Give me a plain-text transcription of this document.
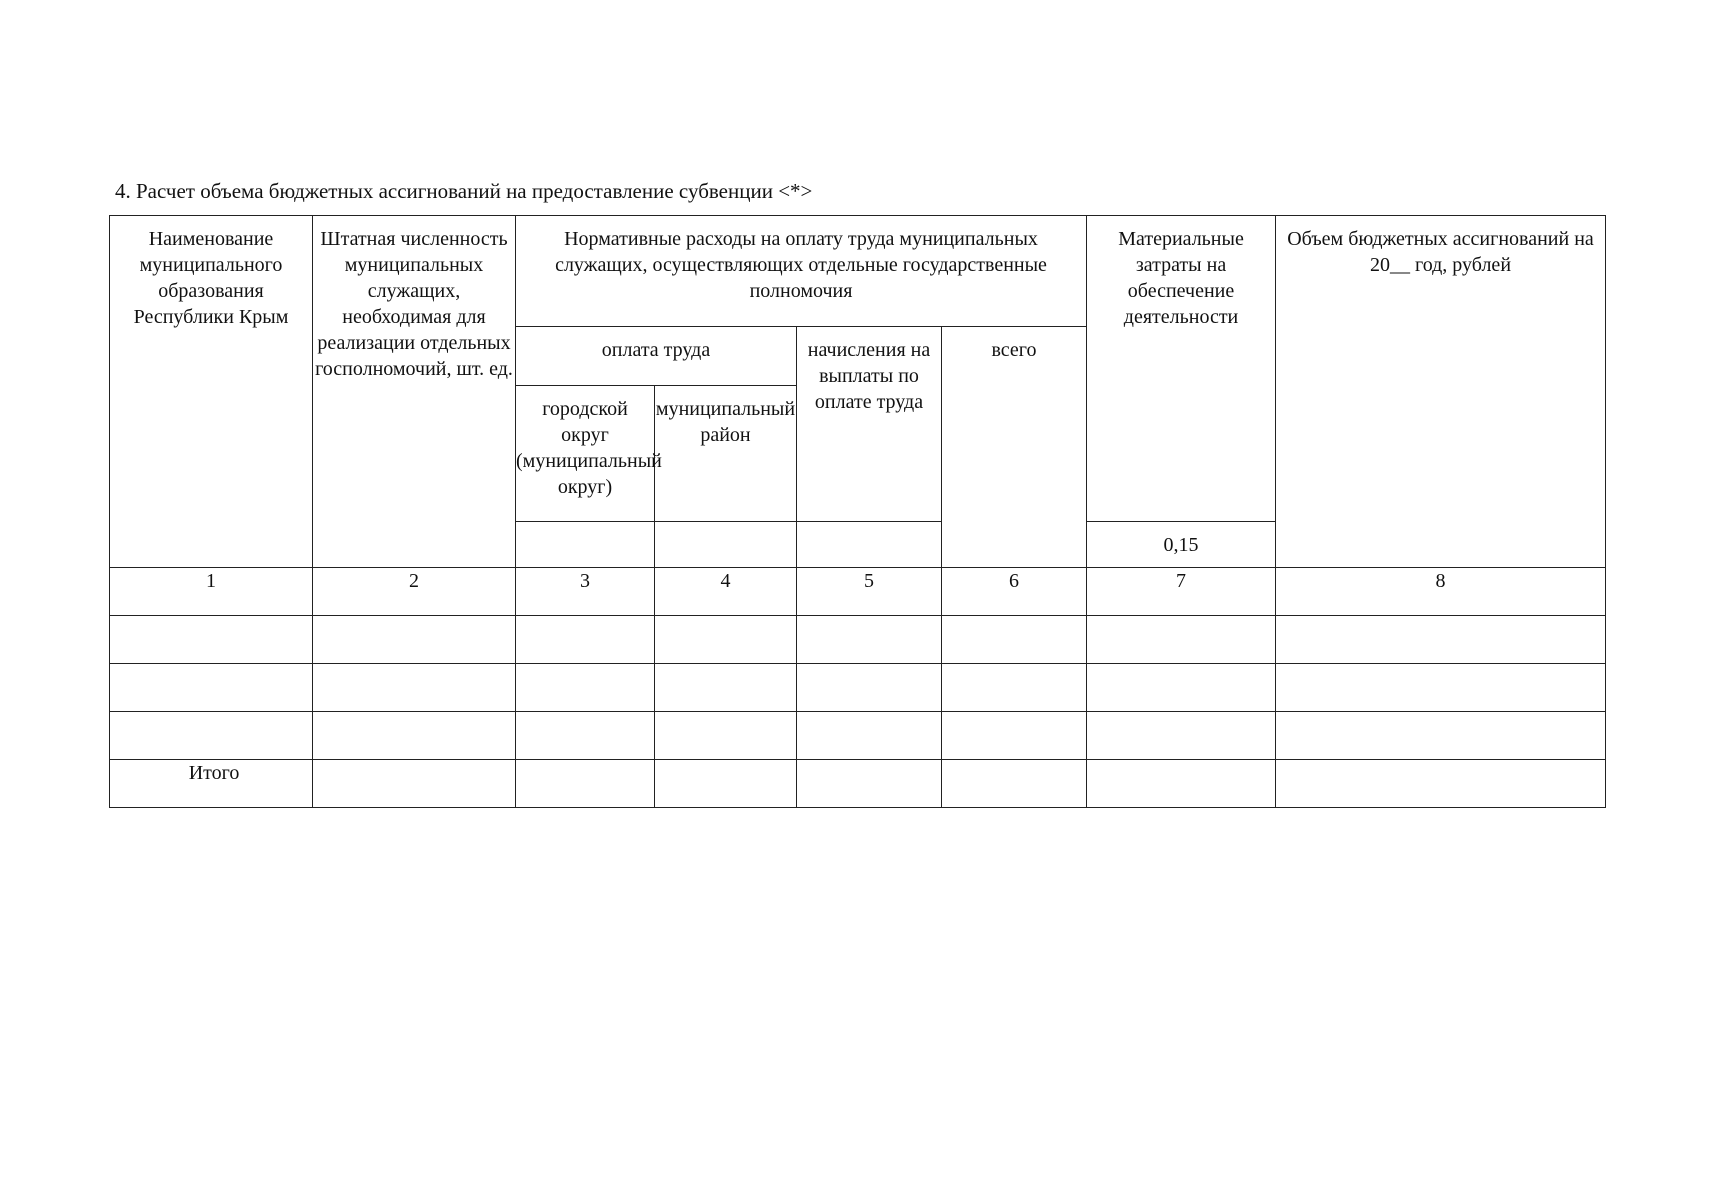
4. Расчет объема бюджетных ассигнований на предоставление субвенции <*>
Наименование муниципального образования Республики Крым	Штатная численность муниципальных служащих, необходимая для реализации отдельных госполномочий, шт. ед.	Нормативные расходы на оплату труда муниципальных служащих, осуществляющих отдельные государственные полномочия				Материальные затраты на обеспечение деятельности	Объем бюджетных ассигнований на 20__ год, рублей
		оплата труда		начисления на выплаты по оплате труда	всего		
		городской округ (муниципальный округ)	муниципальный район				
						0,15	
1	2	3	4	5	6	7	8

Итого							
